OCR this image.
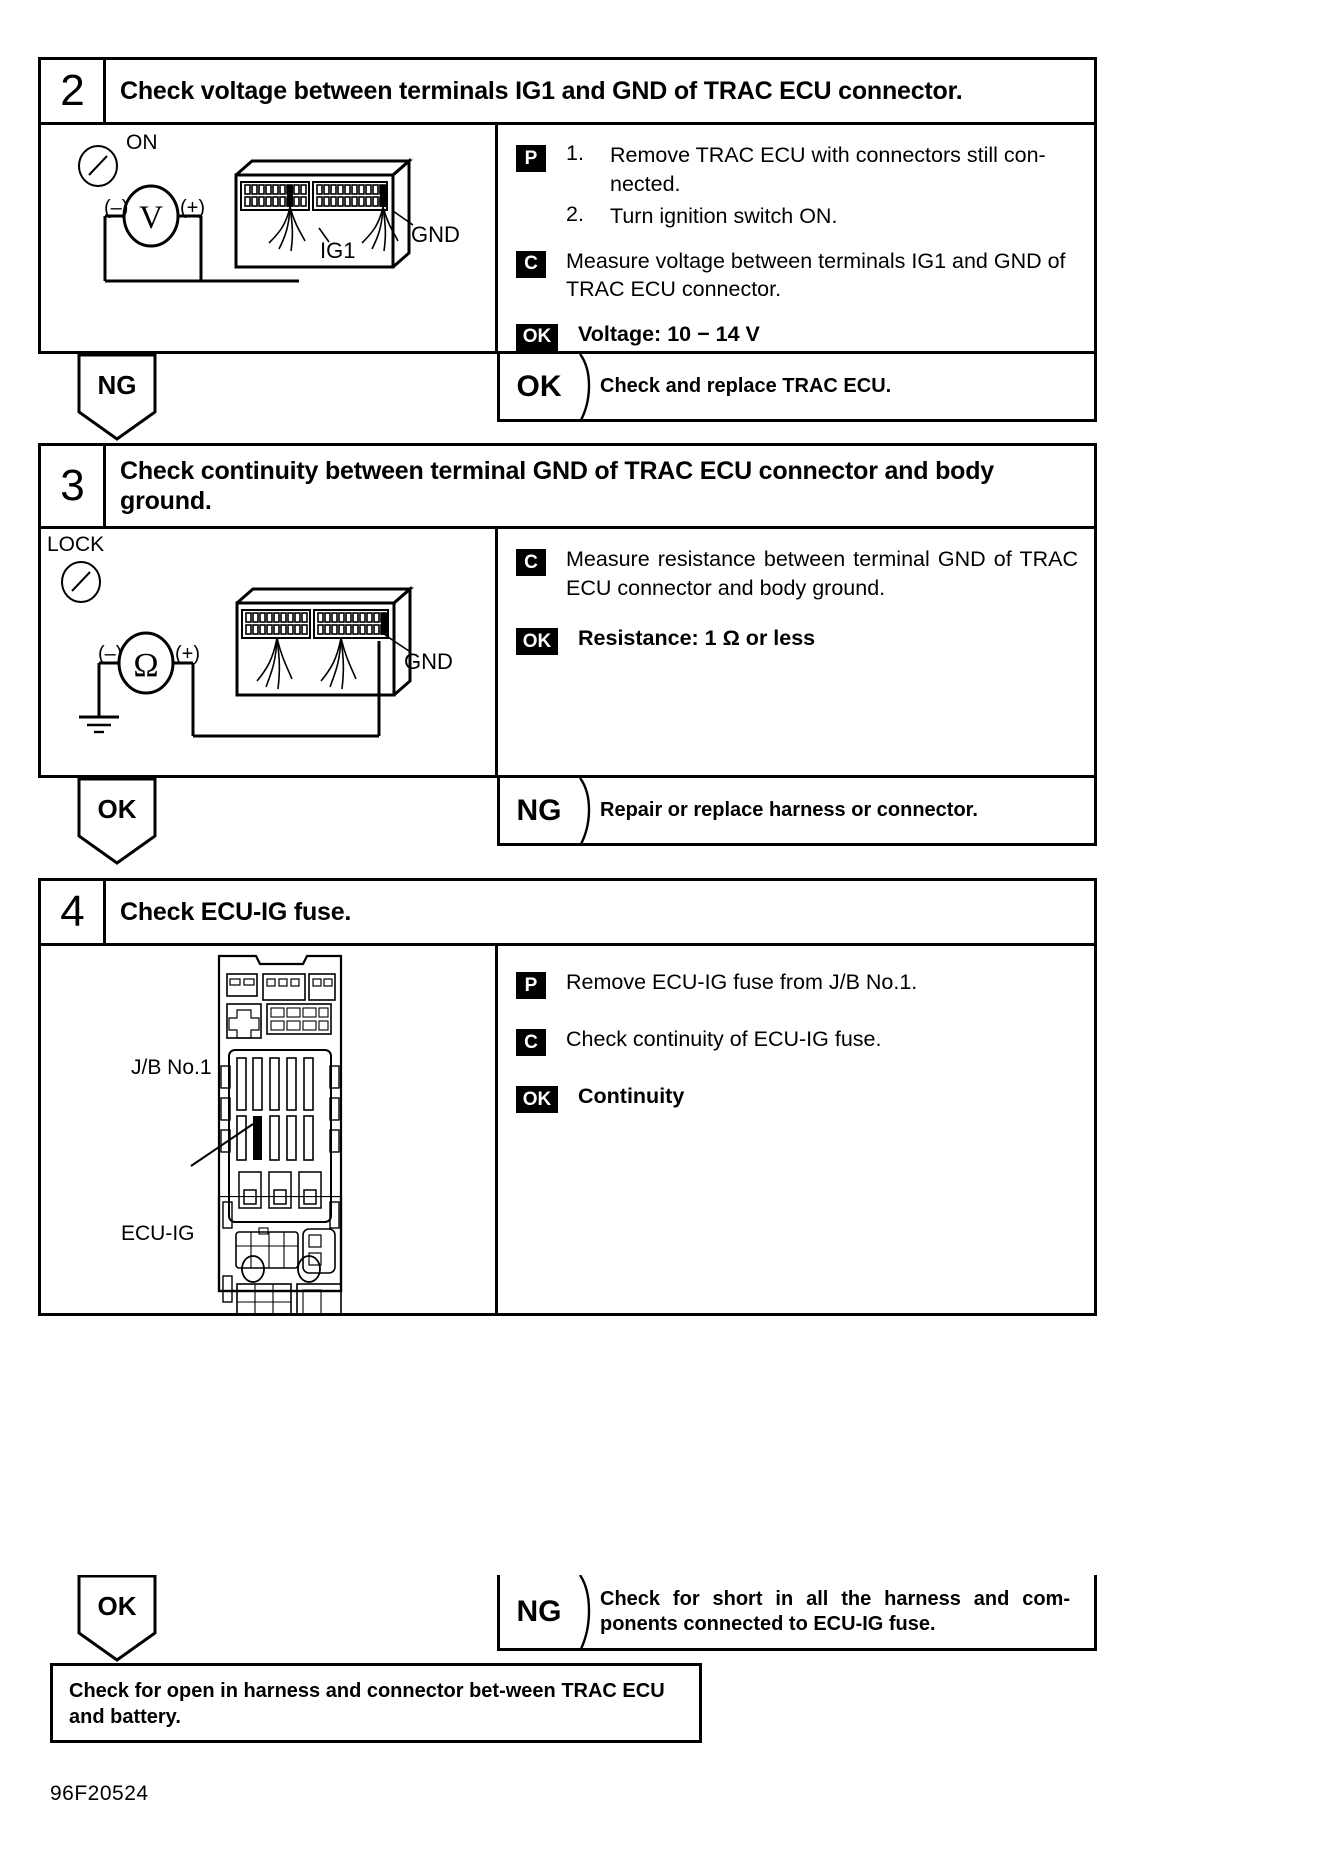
2	Check voltage between terminals IG1 and GND of TRAC ECU connector.
ON
V
(–)	(+)
IG1
GND
P	1.	Remove TRAC ECU with connectors still con-nected.
2.	Turn ignition switch ON.
C	Measure voltage between terminals IG1 and GND of TRAC ECU connector.
OK	Voltage: 10 − 14 V
NG	OK	Check and replace TRAC ECU.
3	Check continuity between terminal GND of TRAC ECU connector and body ground.
LOCK
Ω
(–)	(+)	GND
C	Measure resistance between terminal GND of TRAC ECU connector and body ground.
OK	Resistance: 1 Ω or less
OK	NG	Repair or replace harness or connector.
4	Check ECU-IG fuse.
J/B No.1
ECU-IG
P	Remove ECU-IG fuse from J/B No.1.
C	Check continuity of ECU-IG fuse.
OK	Continuity
OK	NG	Check for short in all the harness and com-ponents connected to ECU-IG fuse.
Check for open in harness and connector bet-ween TRAC ECU and battery.
96F20524
